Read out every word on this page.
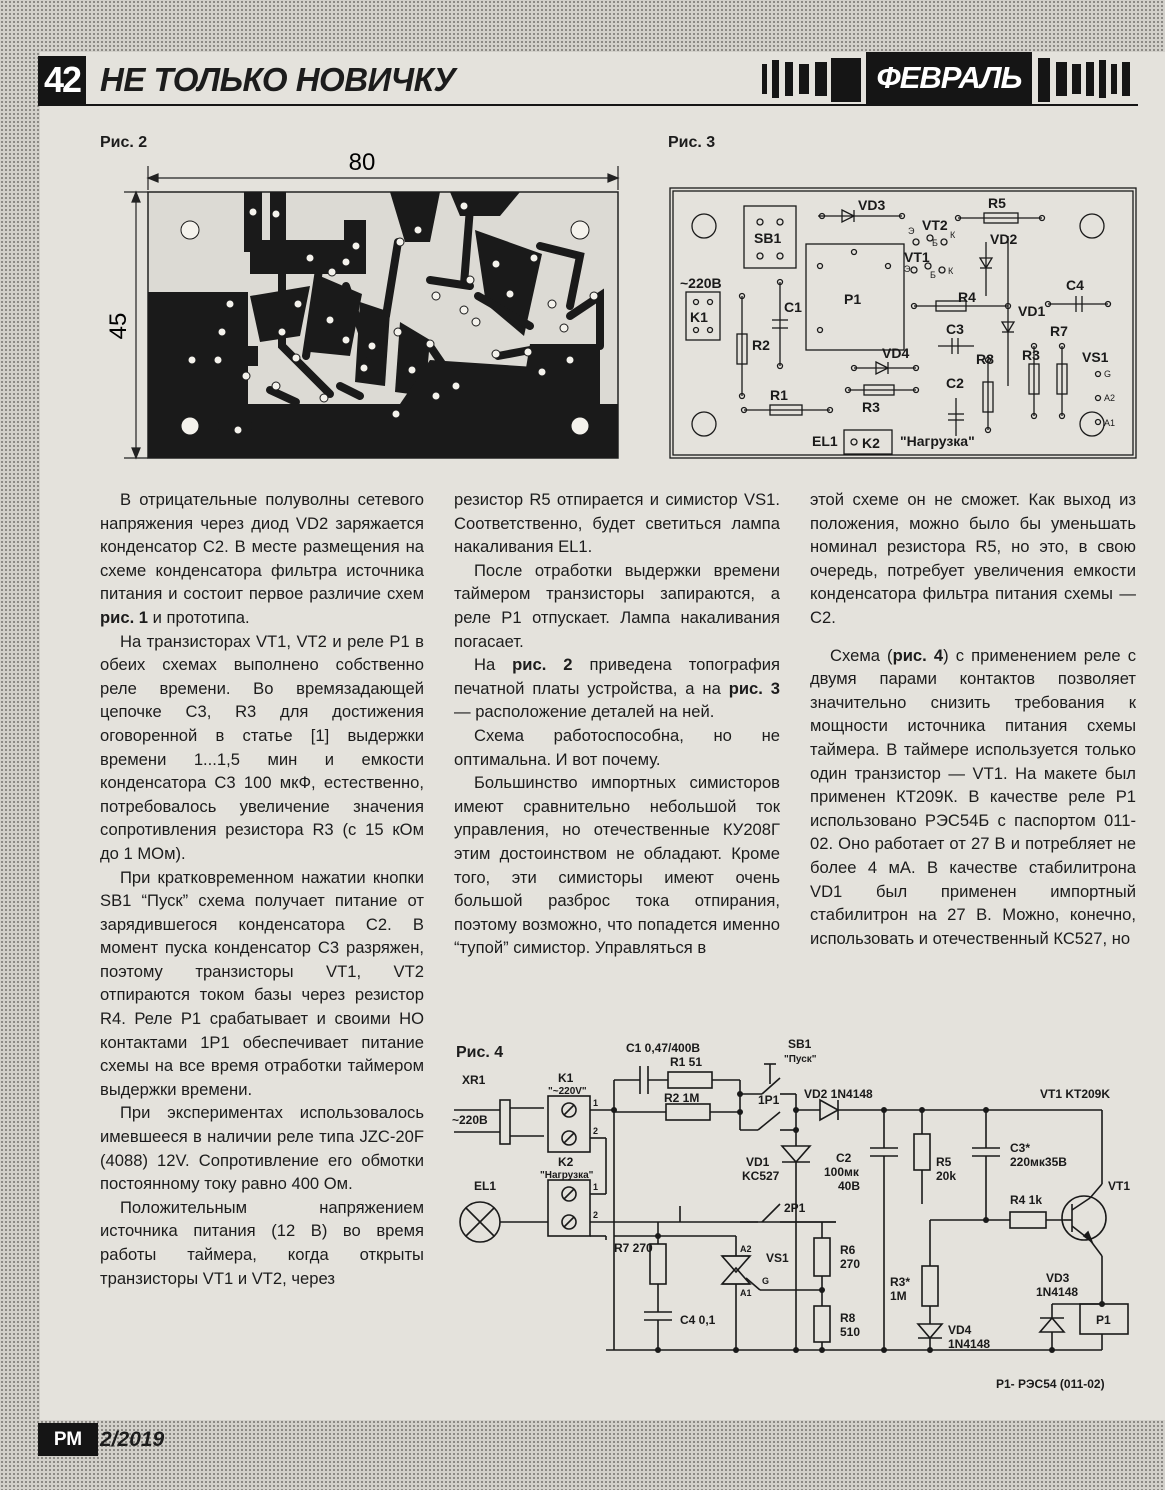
42 НЕ ТОЛЬКО НОВИЧКУ	ФЕВРАЛЬ
Рис. 2
80
45
Рис. 3
VD3	R5
VT2
SB1	VD2
VT1
~220B
C1	P1
C4
K1
R4
VD1
C3	R7
R2	VD4	R8 R3	VS1
C2
R1
R3
EL1 K2 "Нагрузка"
Э
Б
К
Э
Б К
G
A2
A1

В отрицательные полуволны сетевого напряжения через диод VD2 заряжается конденсатор С2. В месте размещения на схеме конденсатора фильтра источника питания и состоит первое различие схем рис. 1 и прототипа.

На транзисторах VT1, VT2 и реле Р1 в обеих схемах выполнено собственно реле времени. Во времязадающей цепочке С3, R3 для достижения оговоренной в статье [1] выдержки времени 1...1,5 мин и емкости конденсатора С3 100 мкФ, естественно, потребовалось увеличение значения сопротивления резистора R3 (с 15 кОм до 1 МОм).

При кратковременном нажатии кнопки SB1 “Пуск” схема получает питание от зарядившегося конденсатора С2. В момент пуска конденсатор С3 разряжен, поэтому транзисторы VT1, VT2 отпираются током базы через резистор R4. Реле Р1 срабатывает и своими НО контактами 1Р1 обеспечивает питание схемы на все время отработки таймером выдержки времени.

При экспериментах использовалось имевшееся в наличии реле типа JZC-20F (4088) 12V. Сопротивление его обмотки постоянному току равно 400 Ом.

Положительным напряжением источника питания (12 В) во время работы таймера, когда открыты транзисторы VT1 и VT2, через

резистор R5 отпирается и симистор VS1. Соответственно, будет светиться лампа накаливания EL1.

После отработки выдержки времени таймером транзисторы запираются, а реле Р1 отпускает. Лампа накаливания погасает.

На рис. 2 приведена топография печатной платы устройства, а на рис. 3 — расположение деталей на ней.

Схема работоспособна, но не оптимальна. И вот почему.

Большинство импортных симисторов имеют сравнительно небольшой ток управления, но отечественные КУ208Г этим достоинством не обладают. Кроме того, эти симисторы имеют очень большой разброс тока отпирания, поэтому возможно, что попадется именно “тупой” симистор. Управляться в

этой схеме он не сможет. Как выход из положения, можно было бы уменьшать номинал резистора R5, но это, в свою очередь, потребует увеличения емкости конденсатора фильтра питания схемы — С2.

Схема (рис. 4) с применением реле с двумя парами контактов позволяет значительно снизить требования к мощности источника питания схемы таймера. В таймере используется только один транзистор — VT1. На макете был применен КТ209К. В качестве реле Р1 использовано РЭС54Б с паспортом 011-02. Оно работает от 27 В и потребляет не более 4 мА. В качестве стабилитрона VD1 был применен импортный стабилитрон на 27 В. Можно, конечно, использовать и отечественный КС527, но

Рис. 4	C1 0,47/400B
R1 51
R2 1M
SB1
"Пуск"
XR1	K1
"~220V"
~220B
1P1 VD2 1N4148	VT1 KT209K
VD1
KC527
C2
100мк
40B
R5
20k
C3*
220мк35B
EL1
K2
"Нагрузка"
2P1
R4 1k
VT1
R7 270
VS1
R6
270
R3*
1M
VD3
1N4148
C4 0,1	R8
510	VD4
1N4148
P1
P1- РЭС54 (011-02)
1
2
1
2
A2
A1
G
РМ 2/2019
